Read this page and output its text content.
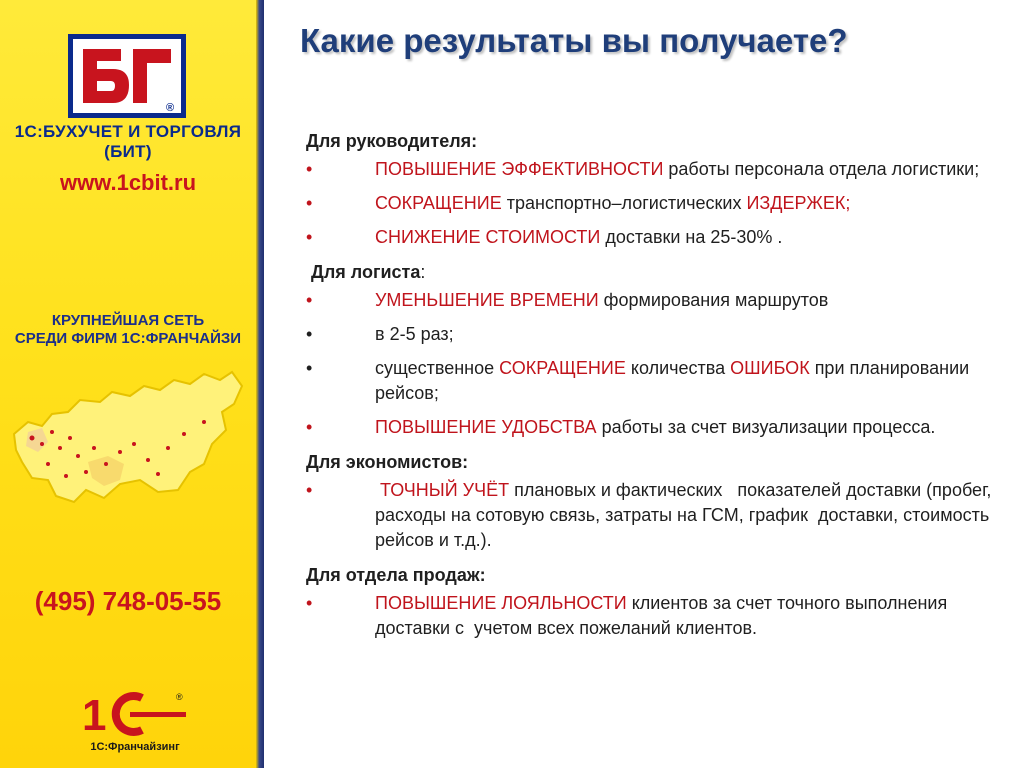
®
1С:БУХУЧЕТ И ТОРГОВЛЯ
(БИТ)
www.1cbit.ru
КРУПНЕЙШАЯ СЕТЬ
СРЕДИ ФИРМ 1С:ФРАНЧАЙЗИ
(495) 748-05-55
1	®
1С:Франчайзинг
Какие результаты вы получаете?
Для руководителя:
•	ПОВЫШЕНИЕ ЭФФЕКТИВНОСТИ работы персонала отдела логистики;
•	СОКРАЩЕНИЕ транспортно–логистических ИЗДЕРЖЕК;
•	СНИЖЕНИЕ СТОИМОСТИ доставки на 25-30% .
Для логиста:
•	УМЕНЬШЕНИЕ ВРЕМЕНИ формирования маршрутов
•	в 2-5 раз;
•	существенное СОКРАЩЕНИЕ количества ОШИБОК при планировании рейсов;
•	ПОВЫШЕНИЕ УДОБСТВА работы за счет визуализации процесса.
Для экономистов:
•	ТОЧНЫЙ УЧЁТ плановых и фактических   показателей доставки (пробег, расходы на сотовую связь, затраты на ГСМ, график  доставки, стоимость рейсов и т.д.).
Для отдела продаж:
•	ПОВЫШЕНИЕ ЛОЯЛЬНОСТИ клиентов за счет точного выполнения доставки с  учетом всех пожеланий клиентов.
